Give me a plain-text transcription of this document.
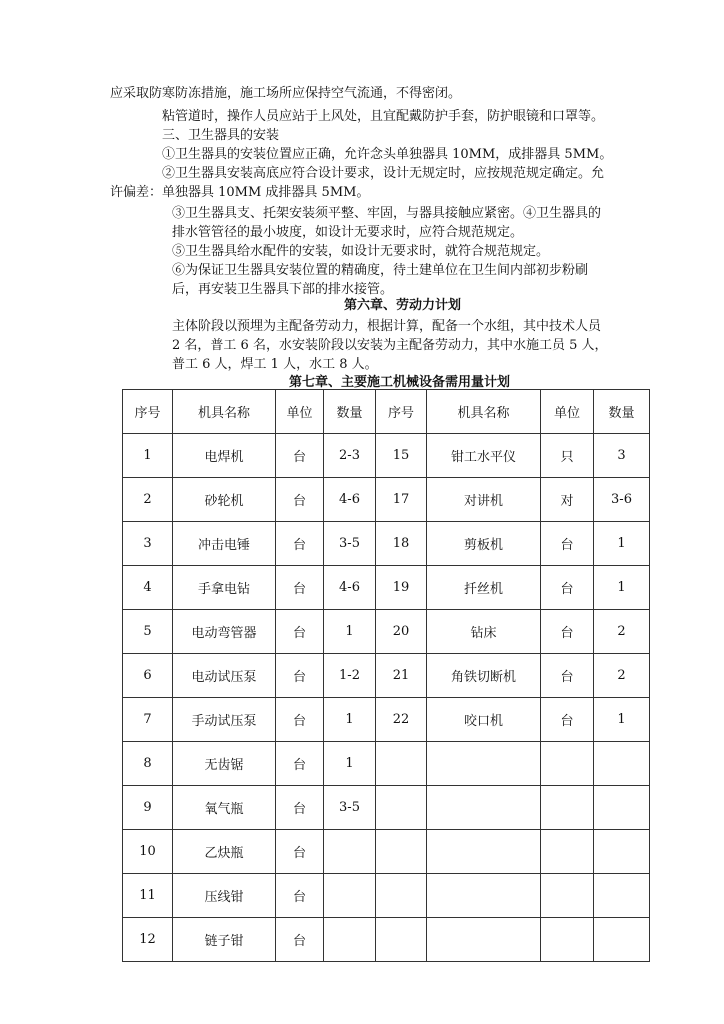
应采取防寒防冻措施，施工场所应保持空气流通，不得密闭。
粘管道时，操作人员应站于上风处，且宜配戴防护手套，防护眼镜和口罩等。
三、卫生器具的安装
①卫生器具的安装位置应正确，允许念头单独器具 10MM，成排器具 5MM。
②卫生器具安装高底应符合设计要求，设计无规定时，应按规范规定确定。允
许偏差：单独器具 10MM 成排器具 5MM。
③卫生器具支、托架安装须平整、牢固，与器具接触应紧密。④卫生器具的
排水管管径的最小坡度，如设计无要求时，应符合规范规定。
⑤卫生器具给水配件的安装，如设计无要求时，就符合规范规定。
⑥为保证卫生器具安装位置的精确度，待土建单位在卫生间内部初步粉刷
后，再安装卫生器具下部的排水接管。
第六章、劳动力计划
主体阶段以预埋为主配备劳动力，根据计算，配备一个水组，其中技术人员
2 名，普工 6 名，水安装阶段以安装为主配备劳动力，其中水施工员 5 人，
普工 6 人，焊工 1 人，水工 8 人。
第七章、主要施工机械设备需用量计划
序号	机具名称	单位	数量	序号	机具名称	单位	数量
1	电焊机	台	2-3	15	钳工水平仪	只	3
2	砂轮机	台	4-6	17	对讲机	对	3-6
3	冲击电锤	台	3-5	18	剪板机	台	1
4	手拿电钻	台	4-6	19	扦丝机	台	1
5	电动弯管器	台	1	20	钻床	台	2
6	电动试压泵	台	1-2	21	角铁切断机	台	2
7	手动试压泵	台	1	22	咬口机	台	1
8	无齿锯	台	1				
9	氧气瓶	台	3-5				
10	乙炔瓶	台					
11	压线钳	台					
12	链子钳	台					
